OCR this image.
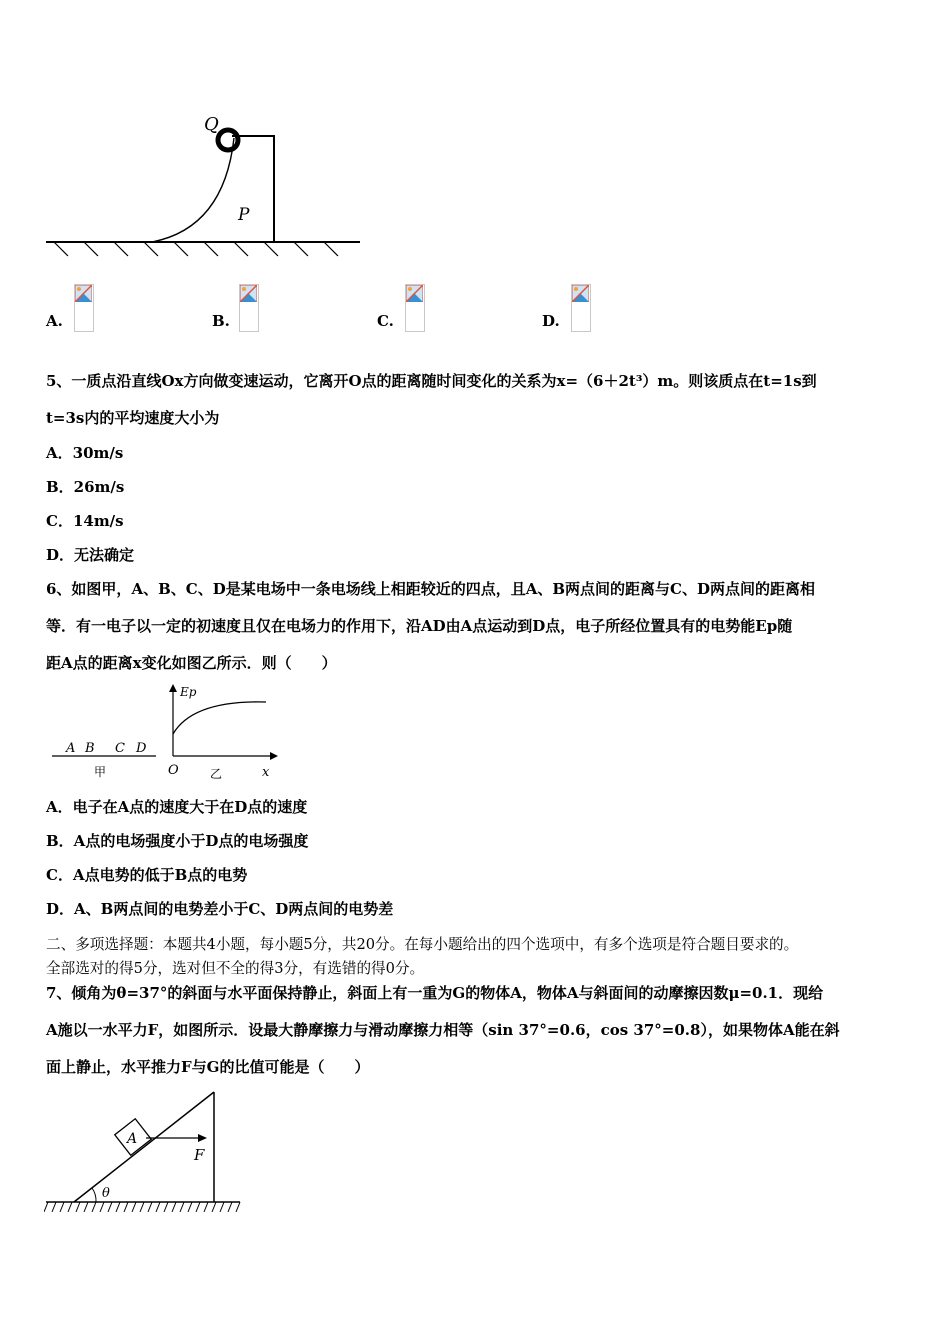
Q
P
A.	B.	C.	D.
5、一质点沿直线Ox方向做变速运动，它离开O点的距离随时间变化的关系为x=（6＋2t³）m。则该质点在t=1s到
t=3s内的平均速度大小为
A．30m/s
B．26m/s
C．14m/s
D．无法确定
6、如图甲，A、B、C、D是某电场中一条电场线上相距较近的四点，且A、B两点间的距离与C、D两点间的距离相
等．有一电子以一定的初速度且仅在电场力的作用下，沿AD由A点运动到D点，电子所经位置具有的电势能Ep随
距A点的距离x变化如图乙所示．则（　　）
A B C D
甲	O	乙	x
Ep
A．电子在A点的速度大于在D点的速度
B．A点的电场强度小于D点的电场强度
C．A点电势的低于B点的电势
D．A、B两点间的电势差小于C、D两点间的电势差
二、多项选择题：本题共4小题，每小题5分，共20分。在每小题给出的四个选项中，有多个选项是符合题目要求的。
全部选对的得5分，选对但不全的得3分，有选错的得0分。
7、倾角为θ=37°的斜面与水平面保持静止，斜面上有一重为G的物体A，物体A与斜面间的动摩擦因数μ=0.1．现给
A施以一水平力F，如图所示．设最大静摩擦力与滑动摩擦力相等（sin 37°=0.6，cos 37°=0.8），如果物体A能在斜
面上静止，水平推力F与G的比值可能是（　　）
θ
A
F
